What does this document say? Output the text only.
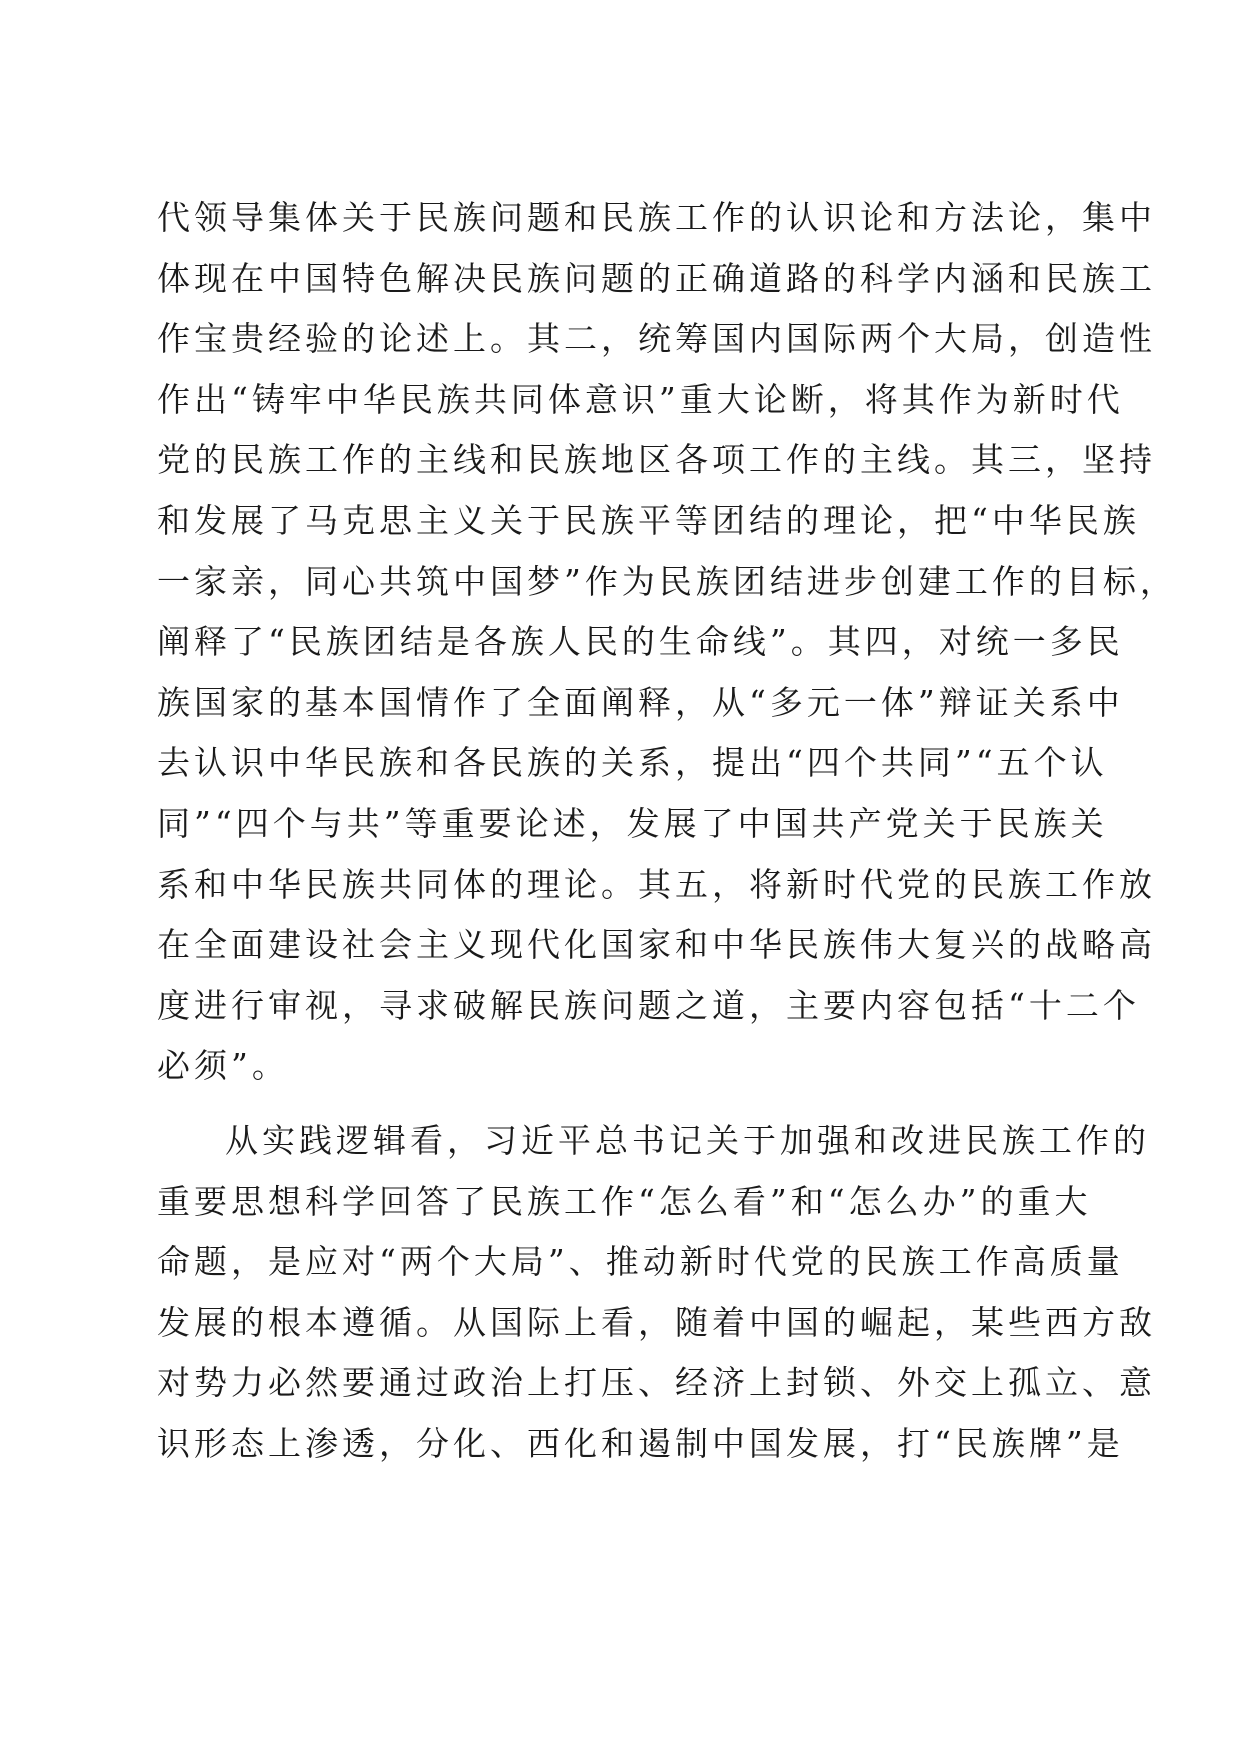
代领导集体关于民族问题和民族工作的认识论和方法论，集中
体现在中国特色解决民族问题的正确道路的科学内涵和民族工
作宝贵经验的论述上。其二，统筹国内国际两个大局，创造性
作出“铸牢中华民族共同体意识”重大论断，将其作为新时代
党的民族工作的主线和民族地区各项工作的主线。其三，坚持
和发展了马克思主义关于民族平等团结的理论，把“中华民族
一家亲，同心共筑中国梦”作为民族团结进步创建工作的目标，
阐释了“民族团结是各族人民的生命线”。其四，对统一多民
族国家的基本国情作了全面阐释，从“多元一体”辩证关系中
去认识中华民族和各民族的关系，提出“四个共同”“五个认
同”“四个与共”等重要论述，发展了中国共产党关于民族关
系和中华民族共同体的理论。其五，将新时代党的民族工作放
在全面建设社会主义现代化国家和中华民族伟大复兴的战略高
度进行审视，寻求破解民族问题之道，主要内容包括“十二个
必须”。
从实践逻辑看，习近平总书记关于加强和改进民族工作的
重要思想科学回答了民族工作“怎么看”和“怎么办”的重大
命题，是应对“两个大局”、推动新时代党的民族工作高质量
发展的根本遵循。从国际上看，随着中国的崛起，某些西方敌
对势力必然要通过政治上打压、经济上封锁、外交上孤立、意
识形态上渗透，分化、西化和遏制中国发展，打“民族牌”是
